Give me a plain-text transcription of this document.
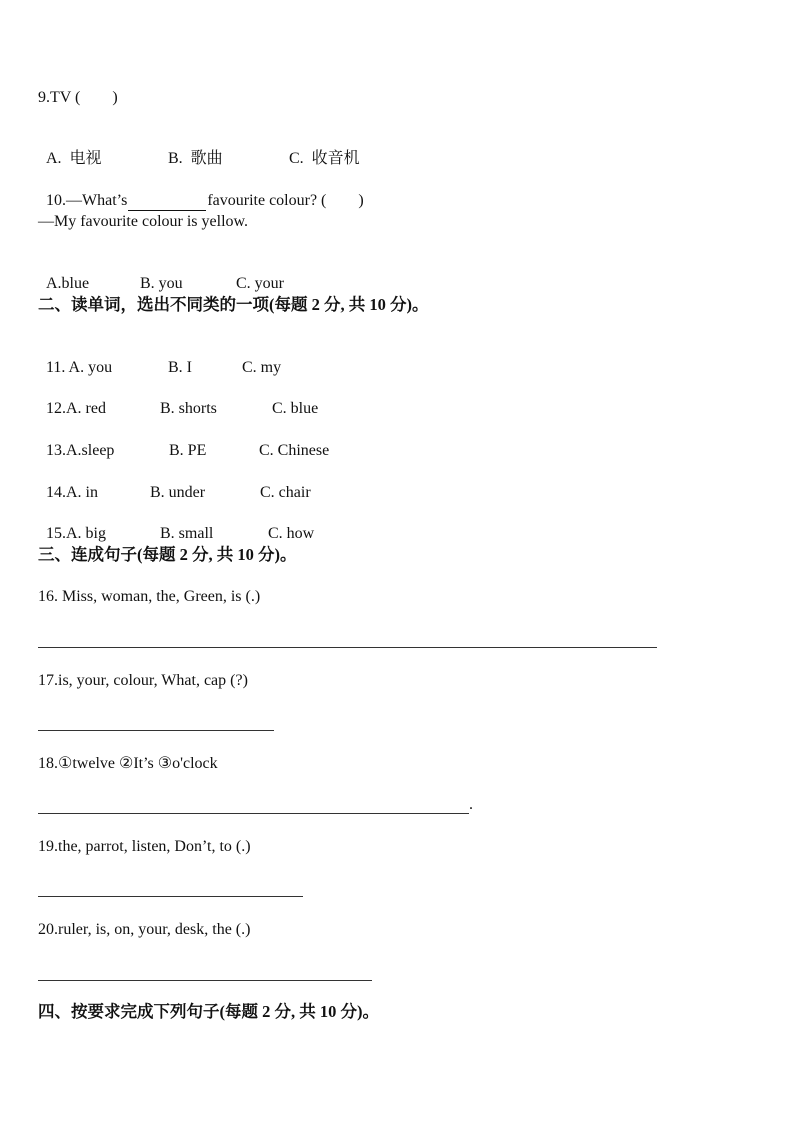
9.TV (        )

A.  电视	B.  歌曲	C.  收音机

10.—What’s	favourite colour? (        )

—My favourite colour is yellow.

A.blue	B. you	C. your

二、读单词，选出不同类的一项(每题 2 分, 共 10 分)。

11. A. you	B. I	C. my

12.A. red	B. shorts	C. blue

13.A.sleep	B. PE	C. Chinese

14.A. in	B. under	C. chair

15.A. big	B. small	C. how

三、连成句子(每题 2 分, 共 10 分)。
16. Miss, woman, the, Green, is (.)
17.is, your, colour, What, cap (?)
18.①twelve ②It’s ③o'clock
.
19.the, parrot, listen, Don’t, to (.)
20.ruler, is, on, your, desk, the (.)
四、按要求完成下列句子(每题 2 分, 共 10 分)。
